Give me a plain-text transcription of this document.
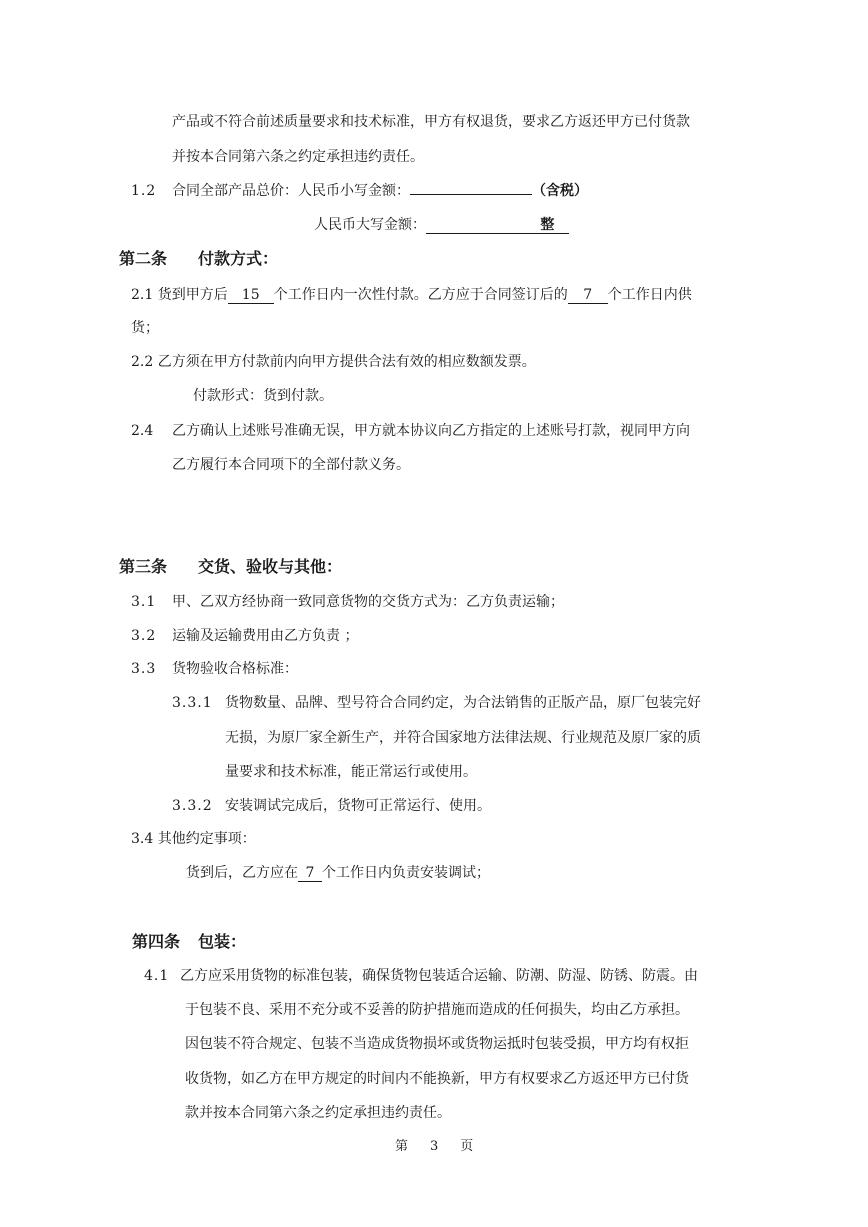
产品或不符合前述质量要求和技术标准，甲方有权退货，要求乙方返还甲方已付货款
并按本合同第六条之约定承担违约责任。
1.2 合同全部产品总价：人民币小写金额：	（含税）
人民币大写金额：	整
第二条 付款方式：
2.1 货到甲方后 15 个工作日内一次性付款。乙方应于合同签订后的 7 个工作日内供
货；
2.2 乙方须在甲方付款前内向甲方提供合法有效的相应数额发票。
付款形式：货到付款。
2.4 乙方确认上述账号准确无误，甲方就本协议向乙方指定的上述账号打款，视同甲方向
乙方履行本合同项下的全部付款义务。
第三条 交货、验收与其他：
3.1 甲、乙双方经协商一致同意货物的交货方式为：乙方负责运输；
3.2 运输及运输费用由乙方负责 ；
3.3 货物验收合格标准：
3.3.1 货物数量、品牌、型号符合合同约定，为合法销售的正版产品，原厂包装完好
无损，为原厂家全新生产，并符合国家地方法律法规、行业规范及原厂家的质
量要求和技术标准，能正常运行或使用。
3.3.2 安装调试完成后，货物可正常运行、使用。
3.4 其他约定事项：
货到后，乙方应在 7 个工作日内负责安装调试；
第四条 包装：
4.1 乙方应采用货物的标准包装，确保货物包装适合运输、防潮、防湿、防锈、防震。由
于包装不良、采用不充分或不妥善的防护措施而造成的任何损失，均由乙方承担。
因包装不符合规定、包装不当造成货物损坏或货物运抵时包装受损，甲方均有权拒
收货物，如乙方在甲方规定的时间内不能换新，甲方有权要求乙方返还甲方已付货
款并按本合同第六条之约定承担违约责任。
第 3 页
